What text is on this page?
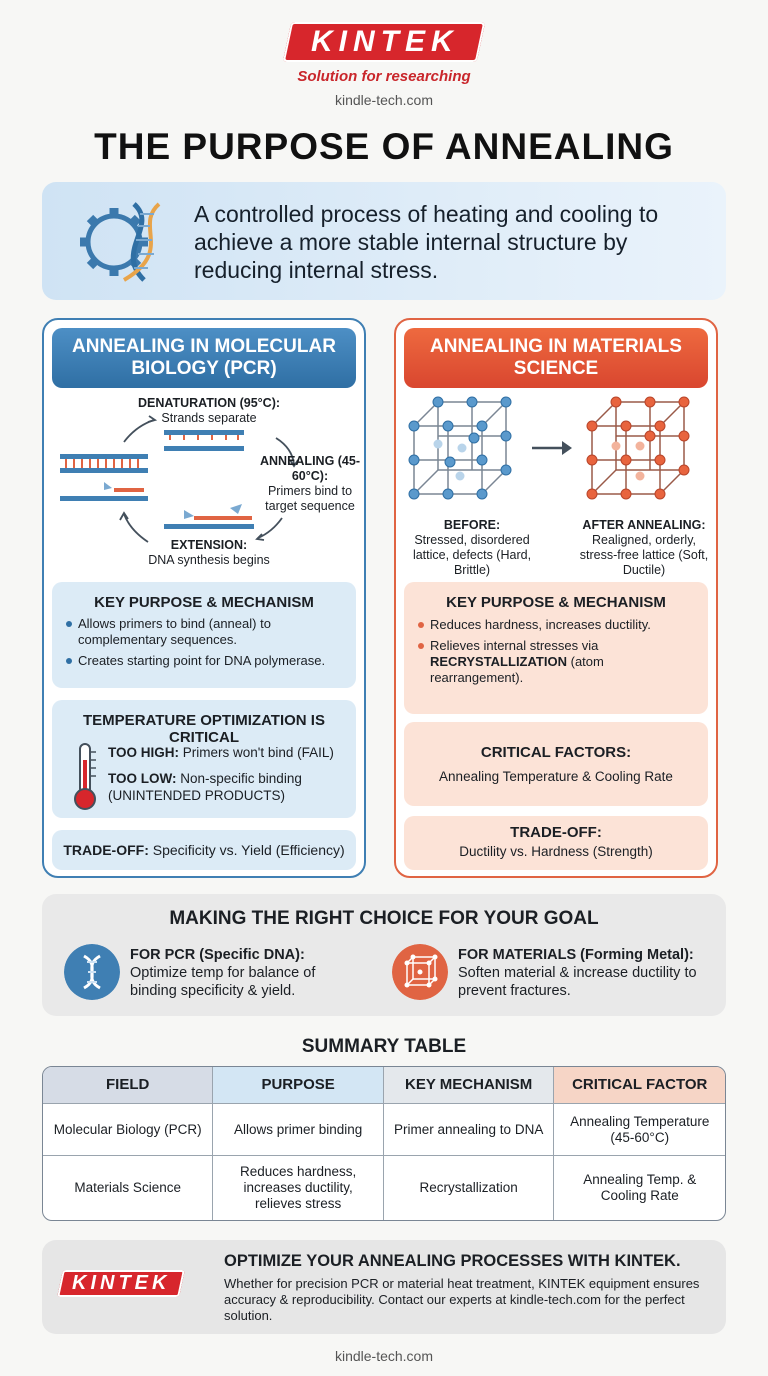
KINTEK
Solution for researching
kindle-tech.com
THE PURPOSE OF ANNEALING
A controlled process of heating and cooling to achieve a more stable internal structure by reducing internal stress.
ANNEALING IN MOLECULAR BIOLOGY (PCR)
DENATURATION (95°C):
Strands separate
ANNEALING (45-60°C):
Primers bind to target sequence
EXTENSION:
DNA synthesis begins
KEY PURPOSE & MECHANISM
Allows primers to bind (anneal) to complementary sequences.
Creates starting point for DNA polymerase.
TEMPERATURE OPTIMIZATION IS CRITICAL
TOO HIGH: Primers won't bind (FAIL)
TOO LOW: Non-specific binding (UNINTENDED PRODUCTS)
TRADE-OFF: Specificity vs. Yield (Efficiency)
ANNEALING IN MATERIALS SCIENCE
BEFORE:
Stressed, disordered lattice, defects (Hard, Brittle)
AFTER ANNEALING:
Realigned, orderly, stress-free lattice (Soft, Ductile)
KEY PURPOSE & MECHANISM
Reduces hardness, increases ductility.
Relieves internal stresses via RECRYSTALLIZATION (atom rearrangement).
CRITICAL FACTORS:
Annealing Temperature & Cooling Rate
TRADE-OFF:
Ductility vs. Hardness (Strength)
MAKING THE RIGHT CHOICE FOR YOUR GOAL
FOR PCR (Specific DNA):
Optimize temp for balance of binding specificity & yield.
FOR MATERIALS (Forming Metal):
Soften material & increase ductility to prevent fractures.
SUMMARY TABLE
FIELD	PURPOSE	KEY MECHANISM	CRITICAL FACTOR
Molecular Biology (PCR)	Allows primer binding	Primer annealing to DNA	Annealing Temperature (45-60°C)
Materials Science	Reduces hardness, increases ductility, relieves stress	Recrystallization	Annealing Temp. & Cooling Rate
KINTEK
OPTIMIZE YOUR ANNEALING PROCESSES WITH KINTEK.
Whether for precision PCR or material heat treatment, KINTEK equipment ensures accuracy & reproducibility. Contact our experts at kindle-tech.com for the perfect solution.
kindle-tech.com
